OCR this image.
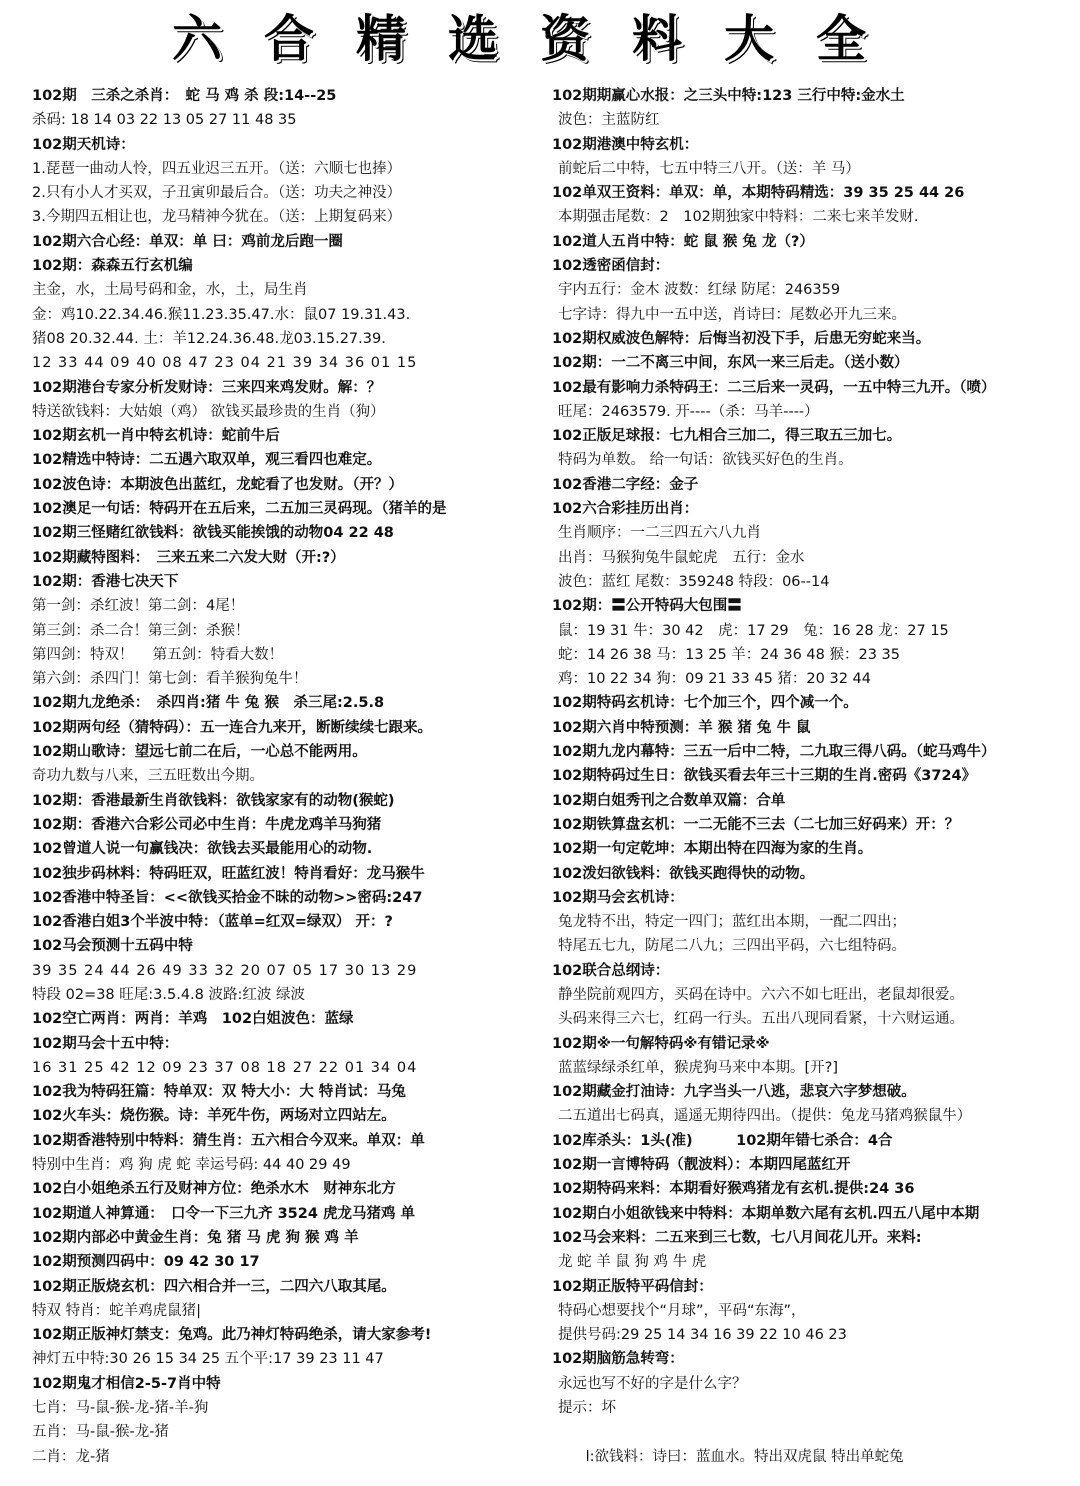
六合精选资料大全
102期　三杀之杀肖：　蛇 马 鸡 杀 段:14--25
杀码: 18 14 03 22 13 05 27 11 48 35
102期天机诗：
1.琵琶一曲动人怜，四五业迟三五开。（送：六顺七也捧）
2.只有小人才买双，子丑寅卯最后合。（送：功夫之神没）
3.今期四五相让也，龙马精神今犹在。（送：上期复码来）
102期六合心经：单双：单 曰：鸡前龙后跑一圈
102期：森森五行玄机编
主金，水，土局号码和金，水，土，局生肖
金：鸡10.22.34.46.猴11.23.35.47.水：鼠07 19.31.43.
猪08 20.32.44. 土：羊12.24.36.48.龙03.15.27.39.
12 33 44 09 40 08 47 23 04 21 39 34 36 01 15
102期港台专家分析发财诗：三来四来鸡发财。解：？
特送欲钱料：大姑娘（鸡） 欲钱买最珍贵的生肖（狗）
102期玄机一肖中特玄机诗：蛇前牛后
102精选中特诗：二五遇六取双单，观三看四也难定。
102波色诗：本期波色出蓝红，龙蛇看了也发财。（开？）
102澳足一句话：特码开在五后来，二五加三灵码现。（猪羊的是
102期三怪赌红欲钱料：欲钱买能挨饿的动物04 22 48
102期藏特图料：　三来五来二六发大财（开:?）
102期：香港七决天下
第一剑：杀红波！第二剑：4尾！
第三剑：杀二合！第三剑：杀猴！
第四剑：特双！　 第五剑：特看大数！
第六剑：杀四门！第七剑：看羊猴狗兔牛！
102期九龙绝杀：　杀四肖:猪 牛 兔 猴　杀三尾:2.5.8
102期两句经（猜特码）：五一连合九来开，断断续续七跟来。
102期山歌诗：望远七前二在后，一心总不能两用。
奇功九数与八来，三五旺数出今期。
102期：香港最新生肖欲钱料：欲钱家家有的动物(猴蛇)
102期：香港六合彩公司必中生肖：牛虎龙鸡羊马狗猪
102曾道人说一句赢钱决：欲钱去买最能用心的动物.
102独步码林料：特码旺双，旺蓝红波！特肖看好：龙马猴牛
102香港中特圣旨：<<欲钱买拾金不昧的动物>>密码:247
102香港白姐3个半波中特：（蓝单=红双=绿双） 开：?
102马会预测十五码中特
39 35 24 44 26 49 33 32 20 07 05 17 30 13 29
特段 02=38 旺尾:3.5.4.8 波路:红波 绿波
102空亡两肖：两肖：羊鸡　102白姐波色：蓝绿
102期马会十五中特：
16 31 25 42 12 09 23 37 08 18 27 22 01 34 04
102我为特码狂篇：特单双：双 特大小：大 特肖试：马兔
102火车头：烧伤猴。诗：羊死牛伤，两场对立四站左。
102期香港特别中特料：猜生肖：五六相合今双来。单双：单
特别中生肖：鸡 狗 虎 蛇 幸运号码: 44 40 29 49
102白小姐绝杀五行及财神方位：绝杀水木　财神东北方
102期道人神算通：　口令一下三九齐 3524 虎龙马猪鸡 单
102期内部必中黄金生肖：兔 猪 马 虎 狗 猴 鸡 羊
102期预测四码中：09 42 30 17
102期正版烧玄机：四六相合并一三，二四六八取其尾。
特双 特肖：蛇羊鸡虎鼠猪|
102期正版神灯禁支：兔鸡。此乃神灯特码绝杀，请大家参考!
神灯五中特:30 26 15 34 25 五个平:17 39 23 11 47
102期鬼才相信2-5-7肖中特
七肖：马-鼠-猴-龙-猪-羊-狗
五肖：马-鼠-猴-龙-猪
二肖：龙-猪
102期期赢心水报：之三头中特:123 三行中特:金水土
波色：主蓝防红
102期港澳中特玄机：
前蛇后二中特，七五中特三八开。（送：羊 马）
102单双王资料：单双：单，本期特码精选：39 35 25 44 26
本期强击尾数：2　102期独家中特料：二来七来羊发财.
102道人五肖中特：蛇 鼠 猴 兔 龙（?）
102透密函信封：
宇内五行：金木 波数：红绿 防尾：246359
七字诗：得九中一五中送，肖诗曰：尾数必开九三来。
102期权威波色解特：后悔当初没下手，后患无穷蛇来当。
102期：一二不离三中间，东风一来三后走。（送小数）
102最有影响力杀特码王：二三后来一灵码，一五中特三九开。（喷）
旺尾：2463579. 开----（杀：马羊----）
102正版足球报：七九相合三加二，得三取五三加七。
特码为单数。 给一句话：欲钱买好色的生肖。
102香港二字经：金子
102六合彩挂历出肖：
生肖顺序：一二三四五六八九肖
出肖：马猴狗兔牛鼠蛇虎　五行：金水
波色：蓝红 尾数：359248 特段：06--14
102期：〓公开特码大包围〓
鼠：19 31 牛：30 42　虎：17 29　兔：16 28 龙：27 15
蛇：14 26 38 马：13 25 羊：24 36 48 猴：23 35
鸡：10 22 34 狗：09 21 33 45 猪：20 32 44
102期特码玄机诗：七个加三个，四个减一个。
102期六肖中特预测：羊 猴 猪 兔 牛 鼠
102期九龙内幕特：三五一后中二特，二九取三得八码。（蛇马鸡牛）
102期特码过生日：欲钱买看去年三十三期的生肖.密码《3724》
102期白姐秀刊之合数单双篇：合单
102期铁算盘玄机：一二无能不三去（二七加三好码来）开：？
102期一句定乾坤：本期出特在四海为家的生肖。
102泼妇欲钱料：欲钱买跑得快的动物。
102期马会玄机诗：
兔龙特不出，特定一四门；蓝红出本期，一配二四出；
特尾五七九，防尾二八九；三四出平码，六七组特码。
102联合总纲诗：
静坐院前观四方，买码在诗中。六六不如七旺出，老鼠却很爱。
头码来得三六七，红码一行头。五出八现同看紧，十六财运通。
102期※一句解特码※有错记录※
蓝蓝绿绿杀红单，猴虎狗马来中本期。[开?]
102期藏金打油诗：九字当头一八逃，悲哀六字梦想破。
二五道出七码真，遥遥无期待四出。（提供：兔龙马猪鸡猴鼠牛）
102库杀头：1头(准)　　　102期年错七杀合：4合
102期一言博特码（靓波料）：本期四尾蓝红开
102期特码来料：本期看好猴鸡猪龙有玄机.提供:24 36
102期白小姐欲钱来中特料：本期单数六尾有玄机.四五八尾中本期
102马会来料：二五来到三七数，七八月间花儿开。来料:
龙 蛇 羊 鼠 狗 鸡 牛 虎
102期正版特平码信封：
特码心想要找个“月球”，平码“东海”，
提供号码:29 25 14 34 16 39 22 10 46 23
102期脑筋急转弯：
永远也写不好的字是什么字？
提示：坏
　　 l:欲钱料：诗曰：蓝血水。特出双虎鼠 特出单蛇兔
